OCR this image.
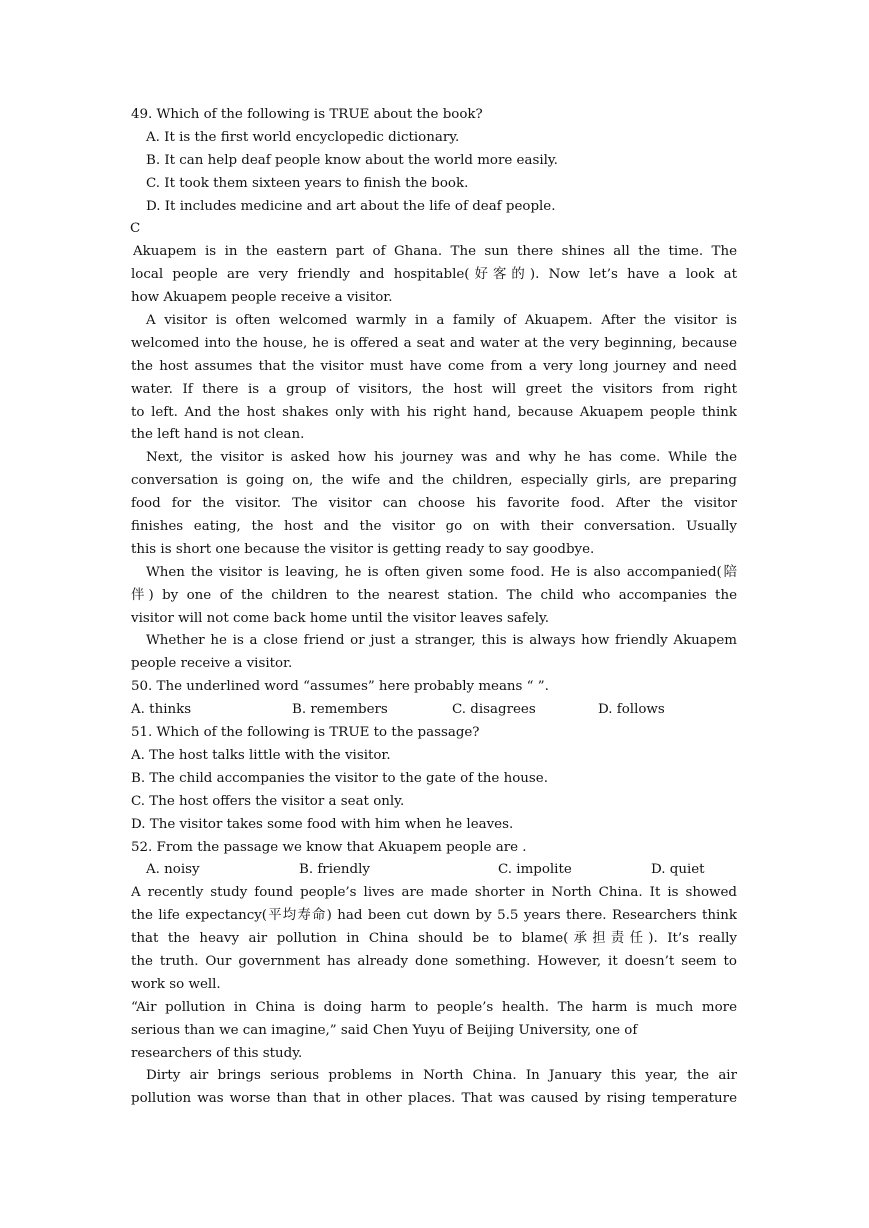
49. Which of the following is TRUE about the book?
A. It is the first world encyclopedic dictionary.
B. It can help deaf people know about the world more easily.
C. It took them sixteen years to finish the book.
D. It includes medicine and art about the life of deaf people.
C
Akuapem is in the eastern part of Ghana. The sun there shines all the time. The
local people are very friendly and hospitable(好客的). Now let’s have a look at
how Akuapem people receive a visitor.
A visitor is often welcomed warmly in a family of Akuapem. After the visitor is
welcomed into the house, he is offered a seat and water at the very beginning, because
the host assumes that the visitor must have come from a very long journey and need
water. If there is a group of visitors, the host will greet the visitors from right
to left. And the host shakes only with his right hand, because Akuapem people think
the left hand is not clean.
Next, the visitor is asked how his journey was and why he has come. While the
conversation is going on, the wife and the children, especially girls, are preparing
food for the visitor. The visitor can choose his favorite food. After the visitor
finishes eating, the host and the visitor go on with their conversation. Usually
this is short one because the visitor is getting ready to say goodbye.
When the visitor is leaving, he is often given some food. He is also accompanied(陪
伴) by one of the children to the nearest station. The child who accompanies the
visitor will not come back home until the visitor leaves safely.
Whether he is a close friend or just a stranger, this is always how friendly Akuapem
people receive a visitor.
50. The underlined word “assumes” here probably means “ ”.
A. thinks	B. remembers	C. disagrees	D. follows
51. Which of the following is TRUE to the passage?
A. The host talks little with the visitor.
B. The child accompanies the visitor to the gate of the house.
C. The host offers the visitor a seat only.
D. The visitor takes some food with him when he leaves.
52. From the passage we know that Akuapem people are .
A. noisy	B. friendly	C. impolite	D. quiet
A recently study found people’s lives are made shorter in North China. It is showed
the life expectancy(平均寿命) had been cut down by 5.5 years there. Researchers think
that the heavy air pollution in China should be to blame(承担责任). It’s really
the truth. Our government has already done something. However, it doesn’t seem to
work so well.
“Air pollution in China is doing harm to people’s health. The harm is much more
serious than we can imagine,” said Chen Yuyu of Beijing University, one of
researchers of this study.
Dirty air brings serious problems in North China. In January this year, the air
pollution was worse than that in other places. That was caused by rising temperature
